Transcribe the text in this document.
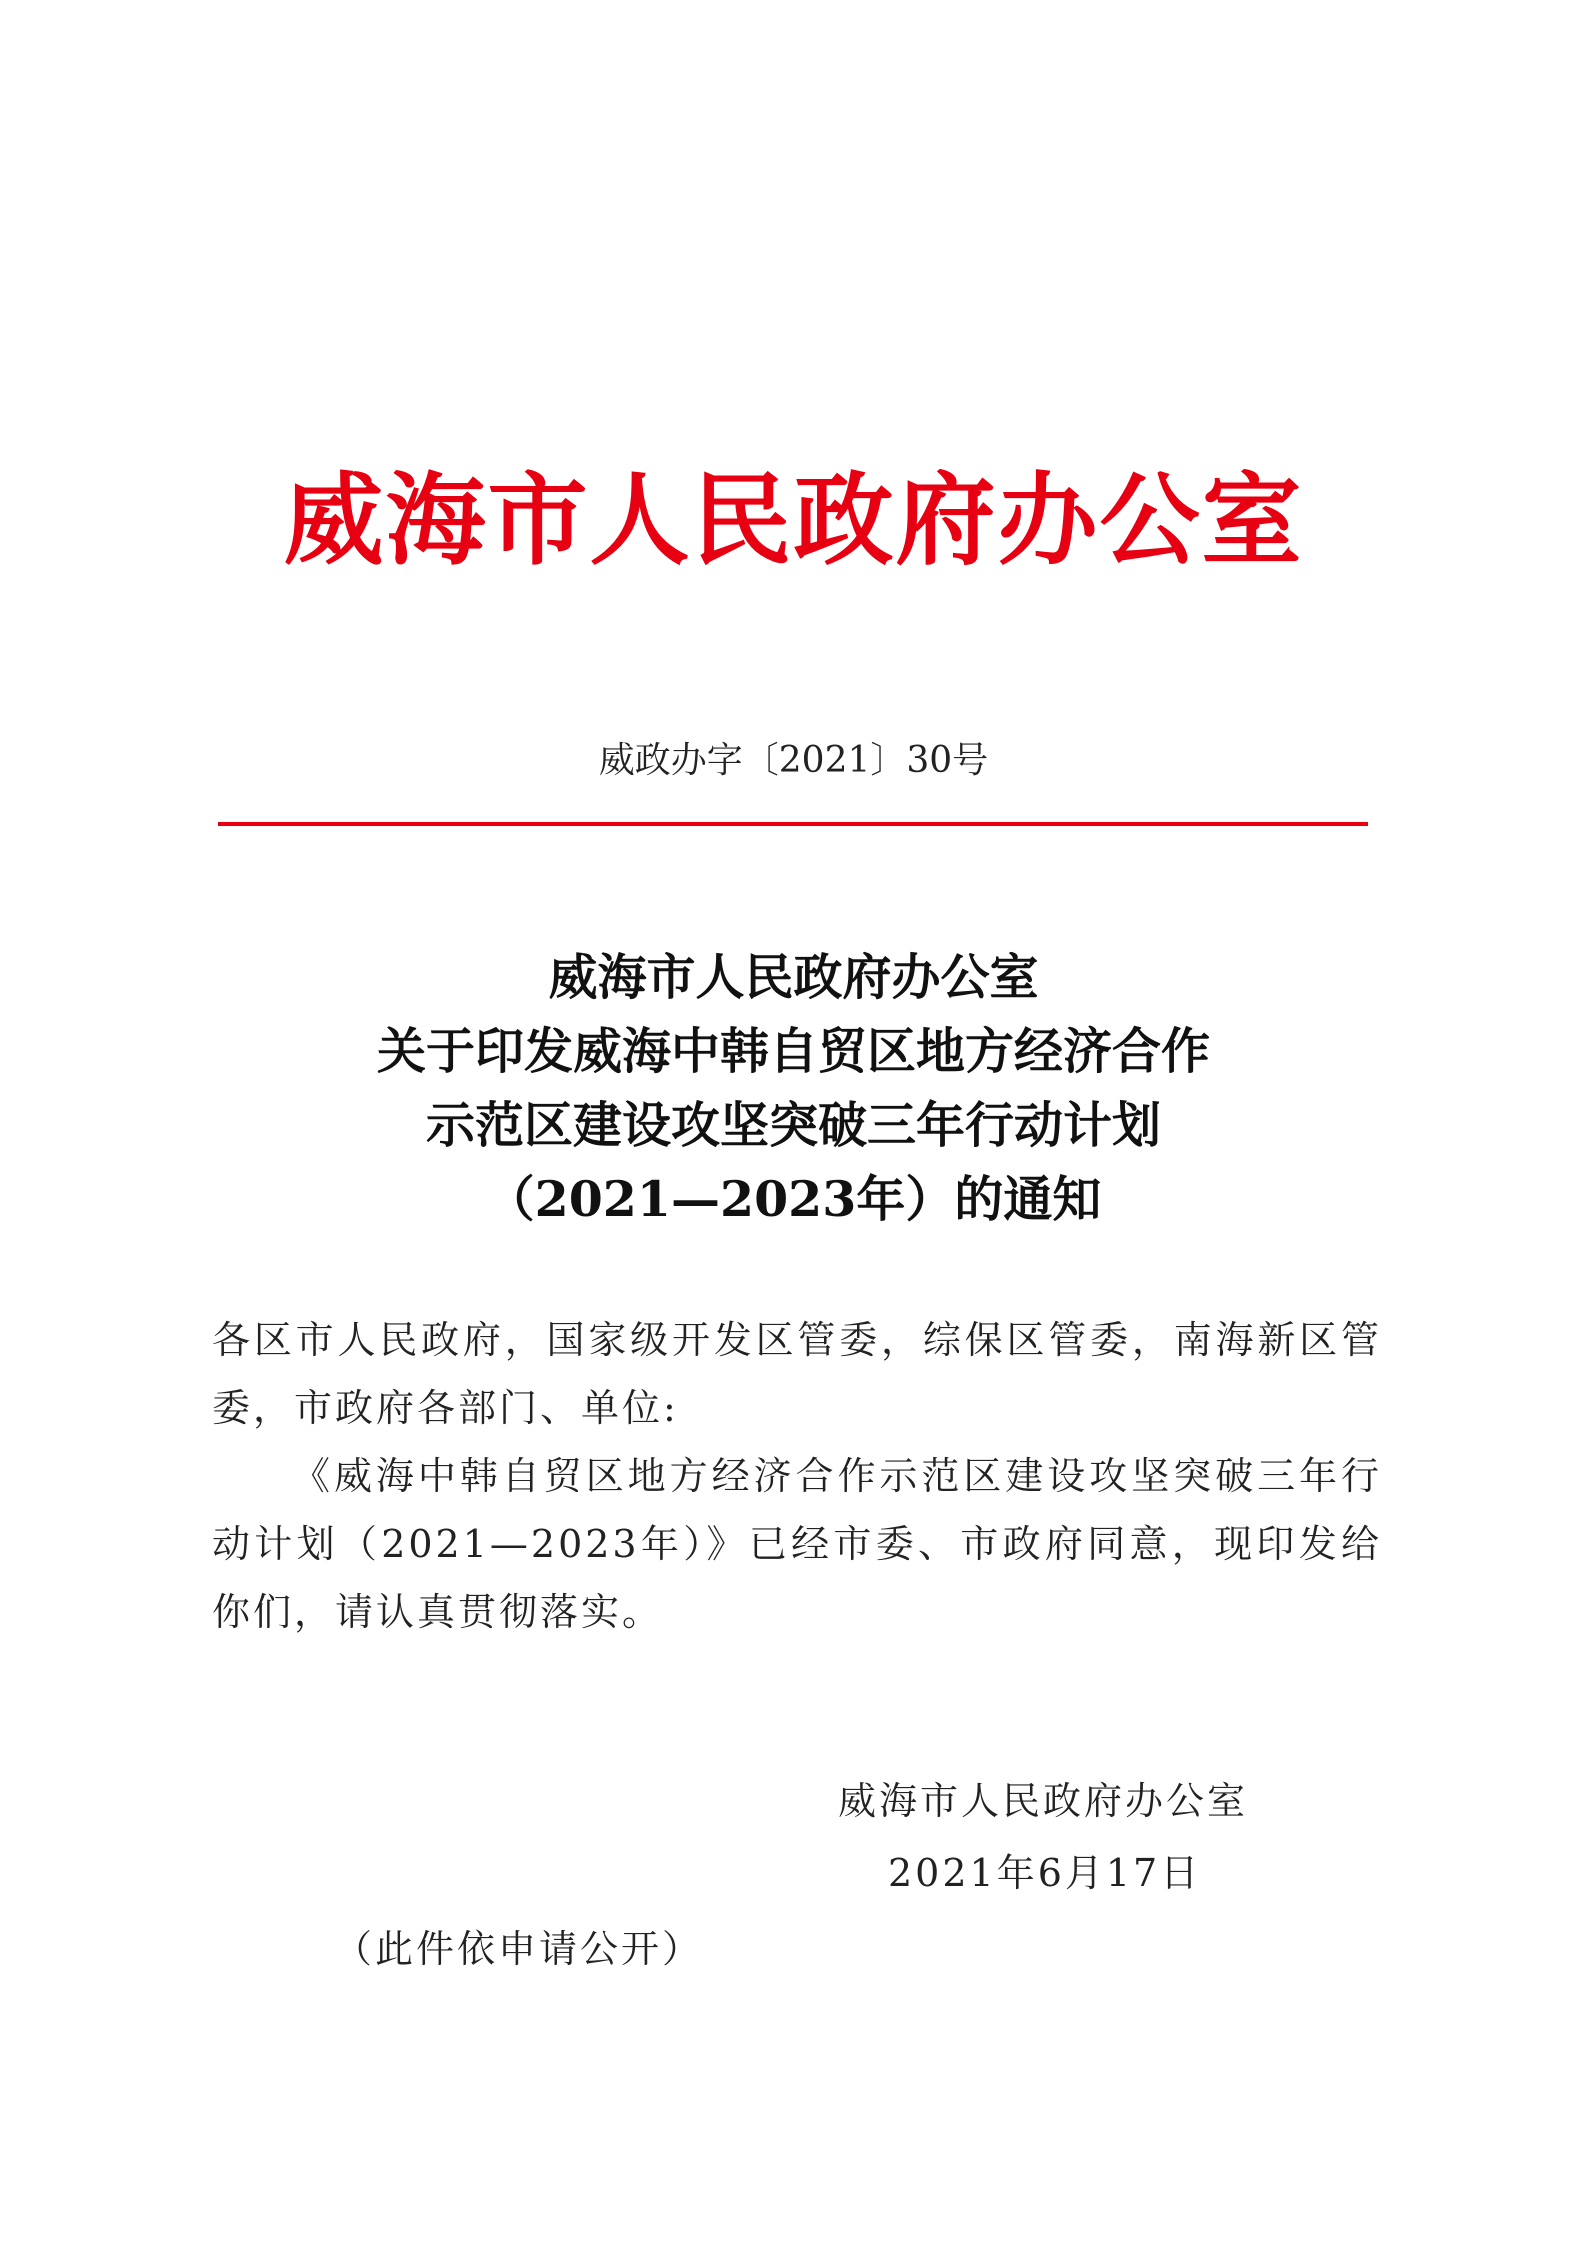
威海市人民政府办公室
威政办字〔2021〕30号
威海市人民政府办公室
关于印发威海中韩自贸区地方经济合作
示范区建设攻坚突破三年行动计划
（2021—2023年）的通知
各区市人民政府，国家级开发区管委，综保区管委，南海新区管委，市政府各部门、单位:
《威海中韩自贸区地方经济合作示范区建设攻坚突破三年行动计划（2021—2023年）》已经市委、市政府同意，现印发给你们，请认真贯彻落实。
威海市人民政府办公室
2021年6月17日
（此件依申请公开）
